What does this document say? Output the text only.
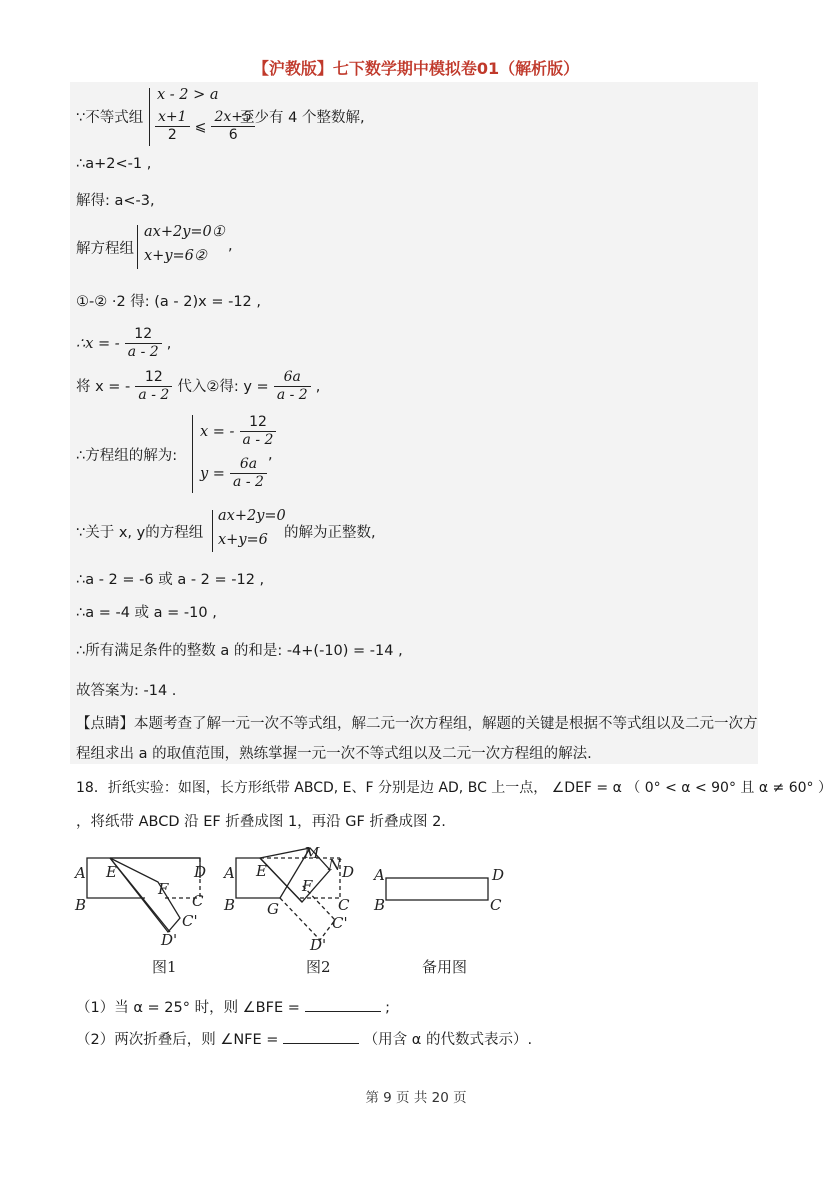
【沪教版】七下数学期中模拟卷01（解析版）
∵不等式组
x - 2 > a
$\frac{x+1}{2}$ ⩽ $\frac{2x+5}{6}$
至少有 4 个整数解,
∴a+2<-1 ,
解得: a<-3,
解方程组
ax+2y=0①
x+y=6②
,
①-② ·2 得: (a - 2)x = -12 ,
∴x = - $\frac{12}{a - 2}$ ,
将 x = - $\frac{12}{a - 2}$ 代入②得: $y = \frac{6a}{a - 2}$ ,
∴方程组的解为:
x = - $\frac{12}{a - 2}$
$y = \frac{6a}{a - 2}$
,
∵关于 x, y的方程组
ax+2y=0
x+y=6 的解为正整数,
∴a - 2 = -6 或 a - 2 = -12 ,
∴a = -4 或 a = -10 ,
∴所有满足条件的整数 a 的和是: -4+(-10) = -14 ,
故答案为: -14 .
【点睛】本题考查了解一元一次不等式组，解二元一次方程组，解题的关键是根据不等式组以及二元一次方
程组求出 a 的取值范围，熟练掌握一元一次不等式组以及二元一次方程组的解法.
18．折纸实验：如图，长方形纸带 ABCD, E、F 分别是边 AD, BC 上一点， ∠DEF = α （ 0° < α < 90° 且 α ≠ 60° ）
，将纸带 ABCD 沿 EF 折叠成图 1，再沿 GF 折叠成图 2.
A E	D
F
C
B
C'
D'
M
N
A E	D
F
B G	C
C'
D'
A	D
B	C
图1	图2	备用图
（1）当 α = 25° 时，则 ∠BFE =	;
（2）两次折叠后，则 ∠NFE =	（用含 α 的代数式表示）.
第 9 页 共 20 页
